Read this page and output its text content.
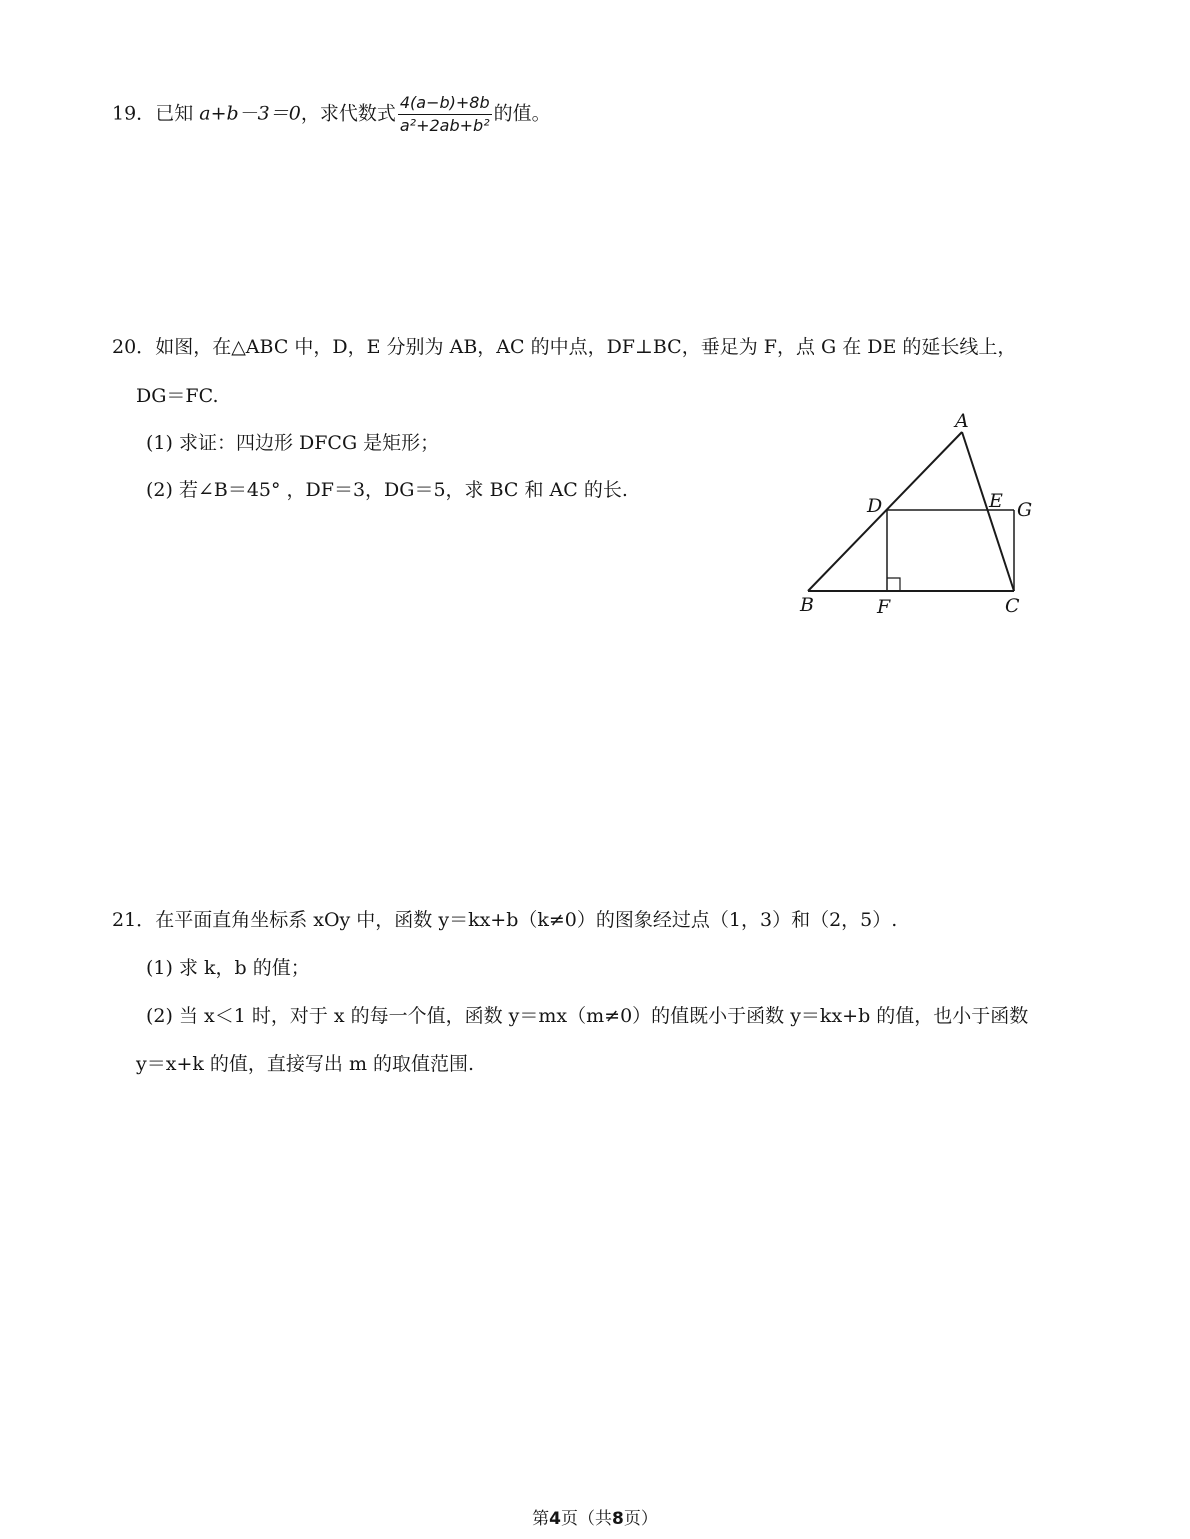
19．已知 a+b－3＝0，求代数式 $\frac{4(a-b)+8b}{\text{a²+2ab+b²}}$ 的值。
20．如图，在△ABC 中，D，E 分别为 AB，AC 的中点，DF⊥BC，垂足为 F，点 G 在 DE 的延长线上，
DG＝FC.
(1) 求证：四边形 DFCG 是矩形；
(2) 若∠B＝45° ，DF＝3，DG＝5，求 BC 和 AC 的长.
A
B	C
D	E
F
G
21．在平面直角坐标系 xOy 中，函数 y＝kx+b（k≠0）的图象经过点（1，3）和（2，5）.
(1) 求 k，b 的值；
(2) 当 x＜1 时，对于 x 的每一个值，函数 y＝mx（m≠0）的值既小于函数 y＝kx+b 的值，也小于函数
y＝x+k 的值，直接写出 m 的取值范围.
第4页（共8页）
